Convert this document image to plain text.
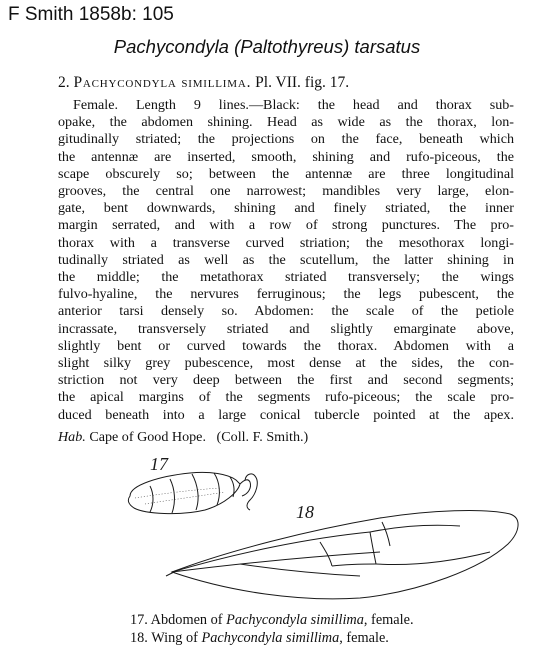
F Smith 1858b: 105
Pachycondyla (Paltothyreus) tarsatus
2. Pachycondyla simillima. Pl. VII. fig. 17.
Female. Length 9 lines.—Black: the head and thorax sub-
opake, the abdomen shining. Head as wide as the thorax, lon-
gitudinally striated; the projections on the face, beneath which
the antennæ are inserted, smooth, shining and rufo-piceous, the
scape obscurely so; between the antennæ are three longitudinal
grooves, the central one narrowest; mandibles very large, elon-
gate, bent downwards, shining and finely striated, the inner
margin serrated, and with a row of strong punctures. The pro-
thorax with a transverse curved striation; the mesothorax longi-
tudinally striated as well as the scutellum, the latter shining in
the middle; the metathorax striated transversely; the wings
fulvo-hyaline, the nervures ferruginous; the legs pubescent, the
anterior tarsi densely so. Abdomen: the scale of the petiole
incrassate, transversely striated and slightly emarginate above,
slightly bent or curved towards the thorax. Abdomen with a
slight silky grey pubescence, most dense at the sides, the con-
striction not very deep between the first and second segments;
the apical margins of the segments rufo-piceous; the scale pro-
duced beneath into a large conical tubercle pointed at the apex.
Hab. Cape of Good Hope. (Coll. F. Smith.)
17
18
17. Abdomen of Pachycondyla simillima, female.
18. Wing of Pachycondyla simillima, female.
